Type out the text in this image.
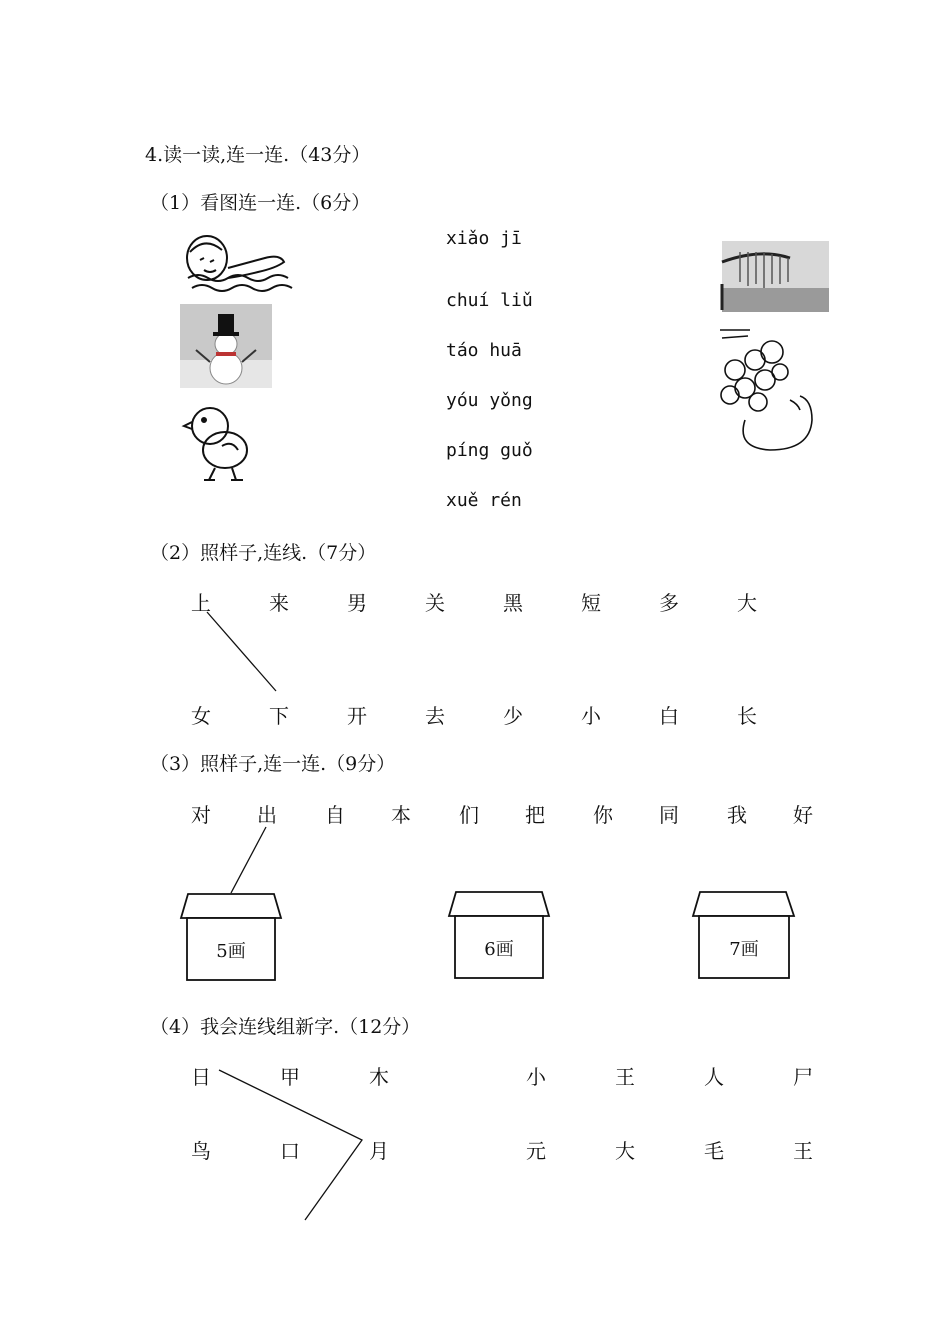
4.读一读,连一连.（43分）
（1）看图连一连.（6分）
（2）照样子,连线.（7分）
（3）照样子,连一连.（9分）
（4）我会连线组新字.（12分）
xiǎo jī
chuí liǔ
táo huā
yóu yǒng
píng guǒ
xuě rén
上	来	男	关	黑	短	多	大
女	下	开	去	少	小	白	长
对 出 自 本 们 把 你 同 我 好
5画	6画	7画
日	甲	木	小	王	人	尸
鸟	口	月	元	大	毛	王
